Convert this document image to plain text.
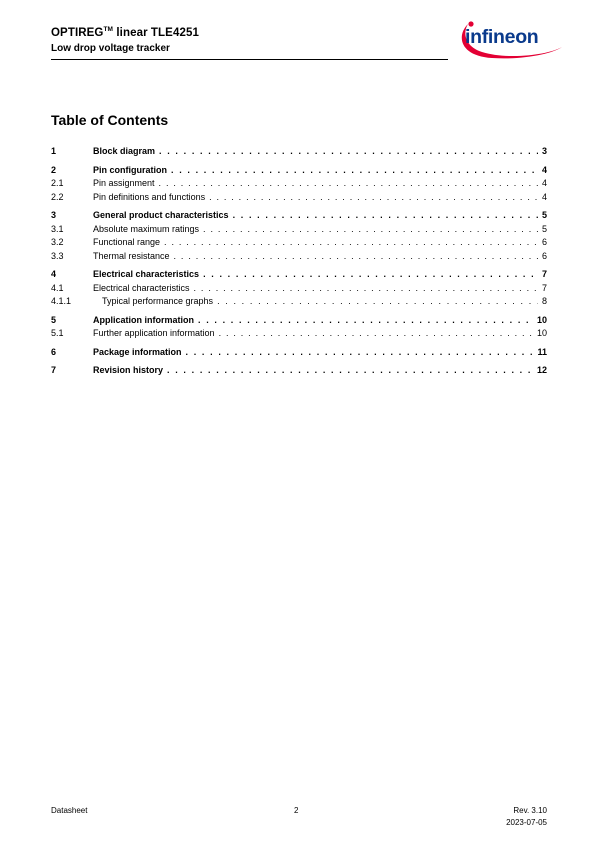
OPTIREG™ linear TLE4251
Low drop voltage tracker
infineon
Table of Contents
1	Block diagram . . .	3
2	Pin configuration . . .	4
2.1	Pin assignment . . .	4
2.2	Pin definitions and functions . . .	4
3	General product characteristics . . .	5
3.1	Absolute maximum ratings . . .	5
3.2	Functional range . . .	6
3.3	Thermal resistance . . .	6
4	Electrical characteristics . . .	7
4.1	Electrical characteristics . . .	7
4.1.1	Typical performance graphs . . .	8
5	Application information . . .	10
5.1	Further application information . . .	10
6	Package information . . .	11
7	Revision history . . .	12
Datasheet	2	Rev. 3.10
2023-07-05
